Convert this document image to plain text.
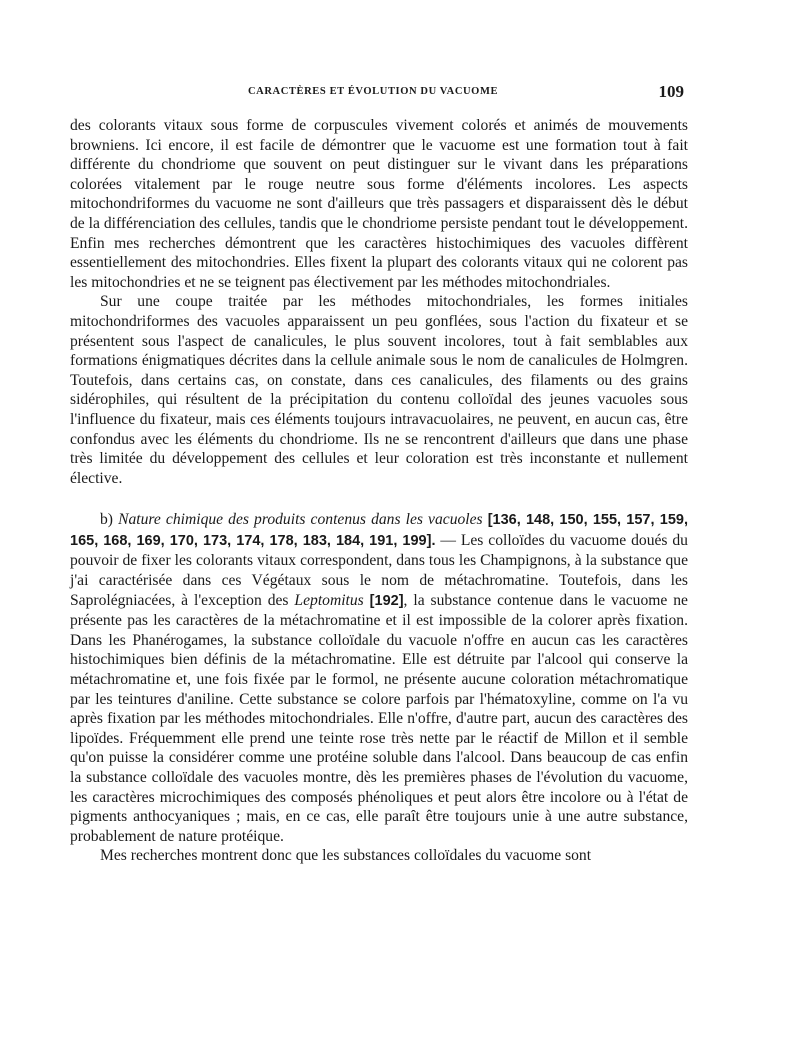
CARACTÈRES ET ÉVOLUTION DU VACUOME	109

des colorants vitaux sous forme de corpuscules vivement colorés et animés de mouvements browniens. Ici encore, il est facile de démontrer que le vacuome est une formation tout à fait différente du chondriome que souvent on peut distinguer sur le vivant dans les préparations colorées vitalement par le rouge neutre sous forme d'éléments incolores. Les aspects mitochondriformes du vacuome ne sont d'ailleurs que très passagers et disparaissent dès le début de la différenciation des cellules, tandis que le chondriome persiste pendant tout le développement. Enfin mes recherches démontrent que les caractères histochimiques des vacuoles diffèrent essentiellement des mitochondries. Elles fixent la plupart des colorants vitaux qui ne colorent pas les mitochondries et ne se teignent pas électivement par les méthodes mitochondriales.

Sur une coupe traitée par les méthodes mitochondriales, les formes initiales mitochondriformes des vacuoles apparaissent un peu gonflées, sous l'action du fixateur et se présentent sous l'aspect de canalicules, le plus souvent incolores, tout à fait semblables aux formations énigmatiques décrites dans la cellule animale sous le nom de canalicules de Holmgren. Toutefois, dans certains cas, on constate, dans ces canalicules, des filaments ou des grains sidérophiles, qui résultent de la précipitation du contenu colloïdal des jeunes vacuoles sous l'influence du fixateur, mais ces éléments toujours intravacuolaires, ne peuvent, en aucun cas, être confondus avec les éléments du chondriome. Ils ne se rencontrent d'ailleurs que dans une phase très limitée du développement des cellules et leur coloration est très inconstante et nullement élective.

b) Nature chimique des produits contenus dans les vacuoles [136, 148, 150, 155, 157, 159, 165, 168, 169, 170, 173, 174, 178, 183, 184, 191, 199]. — Les colloïdes du vacuome doués du pouvoir de fixer les colorants vitaux correspondent, dans tous les Champignons, à la substance que j'ai caractérisée dans ces Végétaux sous le nom de métachromatine. Toutefois, dans les Saprolégniacées, à l'exception des Leptomitus [192], la substance contenue dans le vacuome ne présente pas les caractères de la métachromatine et il est impossible de la colorer après fixation. Dans les Phanérogames, la substance colloïdale du vacuole n'offre en aucun cas les caractères histochimiques bien définis de la métachromatine. Elle est détruite par l'alcool qui conserve la métachromatine et, une fois fixée par le formol, ne présente aucune coloration métachromatique par les teintures d'aniline. Cette substance se colore parfois par l'hématoxyline, comme on l'a vu après fixation par les méthodes mitochondriales. Elle n'offre, d'autre part, aucun des caractères des lipoïdes. Fréquemment elle prend une teinte rose très nette par le réactif de Millon et il semble qu'on puisse la considérer comme une protéine soluble dans l'alcool. Dans beaucoup de cas enfin la substance colloïdale des vacuoles montre, dès les premières phases de l'évolution du vacuome, les caractères microchimiques des composés phénoliques et peut alors être incolore ou à l'état de pigments anthocyaniques ; mais, en ce cas, elle paraît être toujours unie à une autre substance, probablement de nature protéique.

Mes recherches montrent donc que les substances colloïdales du vacuome sont
